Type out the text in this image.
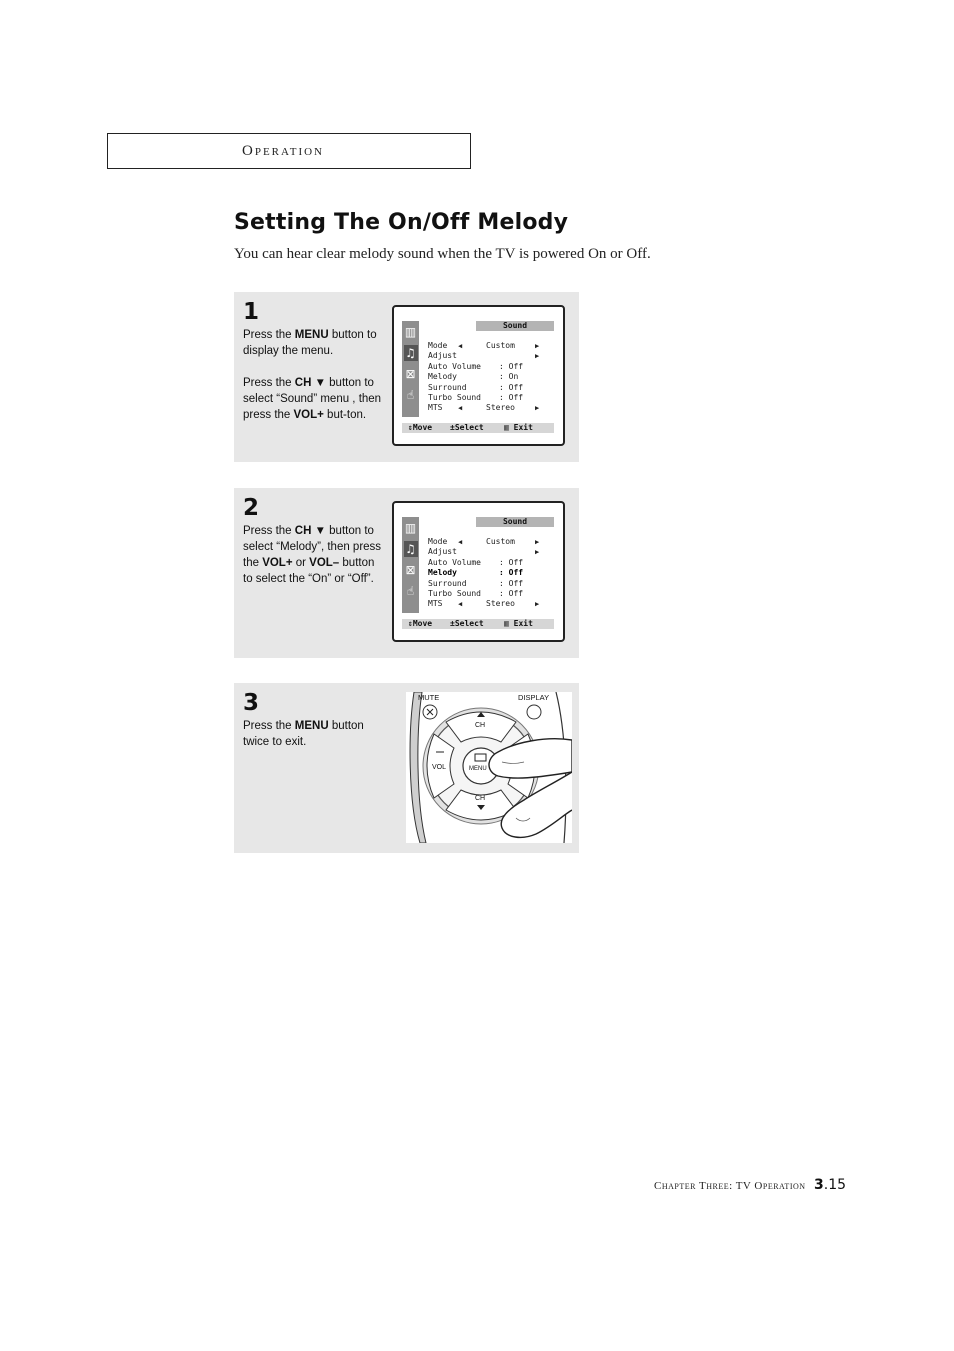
Operation
Setting The On/Off Melody
You can hear clear melody sound when the TV is powered On or Off.
1

Press the MENU button to display the menu.

Press the CH ▼ button to select “Sound” menu , then press the VOL+ but-ton.

▥
♫
⊠
☝
Sound
Mode ◀	Custom	▶
Adjust	▶
Auto Volume : Off
Melody	: On
Surround	: Off
Turbo Sound : Off
MTS ◀	Stereo	▶
⇕Move ±Select	▥ Exit
2

Press the CH ▼ button to select “Melody”, then press the VOL+ or VOL– button to select the “On” or “Off”.

▥
♫
⊠
☝
Sound
Mode ◀	Custom	▶
Adjust	▶
Auto Volume : Off
Melody	: Off
Surround	: Off
Turbo Sound : Off
MTS ◀	Stereo	▶
⇕Move ±Select	▥ Exit
3

Press the MENU button twice to exit.

MUTE	DISPLAY
CH
CH
VOL	MENU
Chapter Three: TV Operation 3.15
